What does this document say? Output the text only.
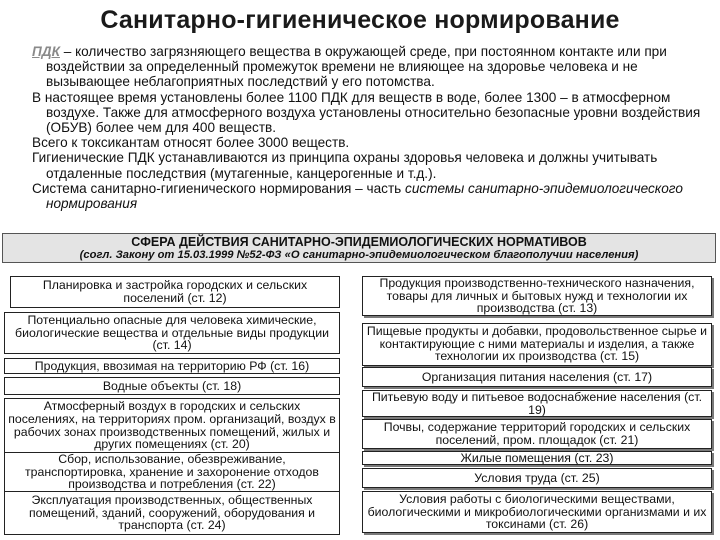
Санитарно-гигиеническое нормирование

ПДК – количество загрязняющего вещества в окружающей среде, при постоянном контакте или при воздействии за определенный промежуток времени не влияющее на здоровье человека и не вызывающее неблагоприятных последствий у его потомства.

В настоящее время установлены более 1100 ПДК для веществ в воде, более 1300 – в атмосферном воздухе. Также для атмосферного воздуха установлены относительно безопасные уровни воздействия (ОБУВ) более чем для 400 веществ.

Всего к токсикантам относят более 3000 веществ.

Гигиенические ПДК устанавливаются из принципа охраны здоровья человека и должны учитывать отдаленные последствия (мутагенные, канцерогенные и т.д.).

Система санитарно-гигиенического нормирования – часть системы санитарно-эпидемиологического нормирования

СФЕРА ДЕЙСТВИЯ САНИТАРНО-ЭПИДЕМИОЛОГИЧЕСКИХ НОРМАТИВОВ
(согл. Закону от 15.03.1999 №52-ФЗ «О санитарно-эпидемиологическом благополучии населения)
Планировка и застройка городских и сельских поселений (ст. 12)
Потенциально опасные для человека химические, биологические вещества и отдельные виды продукции (ст. 14)
Продукция, ввозимая на территорию РФ (ст. 16)
Водные объекты (ст. 18)
Атмосферный воздух в городских и сельских поселениях, на территориях пром. организаций, воздух в рабочих зонах производственных помещений, жилых и других помещениях (ст. 20)
Сбор, использование, обезвреживание, транспортировка, хранение и захоронение отходов производства и потребления (ст. 22)
Эксплуатация производственных, общественных помещений, зданий, сооружений, оборудования и транспорта (ст. 24)
Продукция производственно-технического назначения, товары для личных и бытовых нужд и технологии их производства (ст. 13)
Пищевые продукты и добавки, продовольственное сырье и контактирующие с ними материалы и изделия, а также технологии их производства (ст. 15)
Организация питания населения (ст. 17)
Питьевую воду и питьевое водоснабжение населения (ст. 19)
Почвы, содержание территорий городских и сельских поселений, пром. площадок (ст. 21)
Жилые помещения (ст. 23)
Условия труда (ст. 25)
Условия работы с биологическими веществами, биологическими и микробиологическими организмами и их токсинами (ст. 26)
